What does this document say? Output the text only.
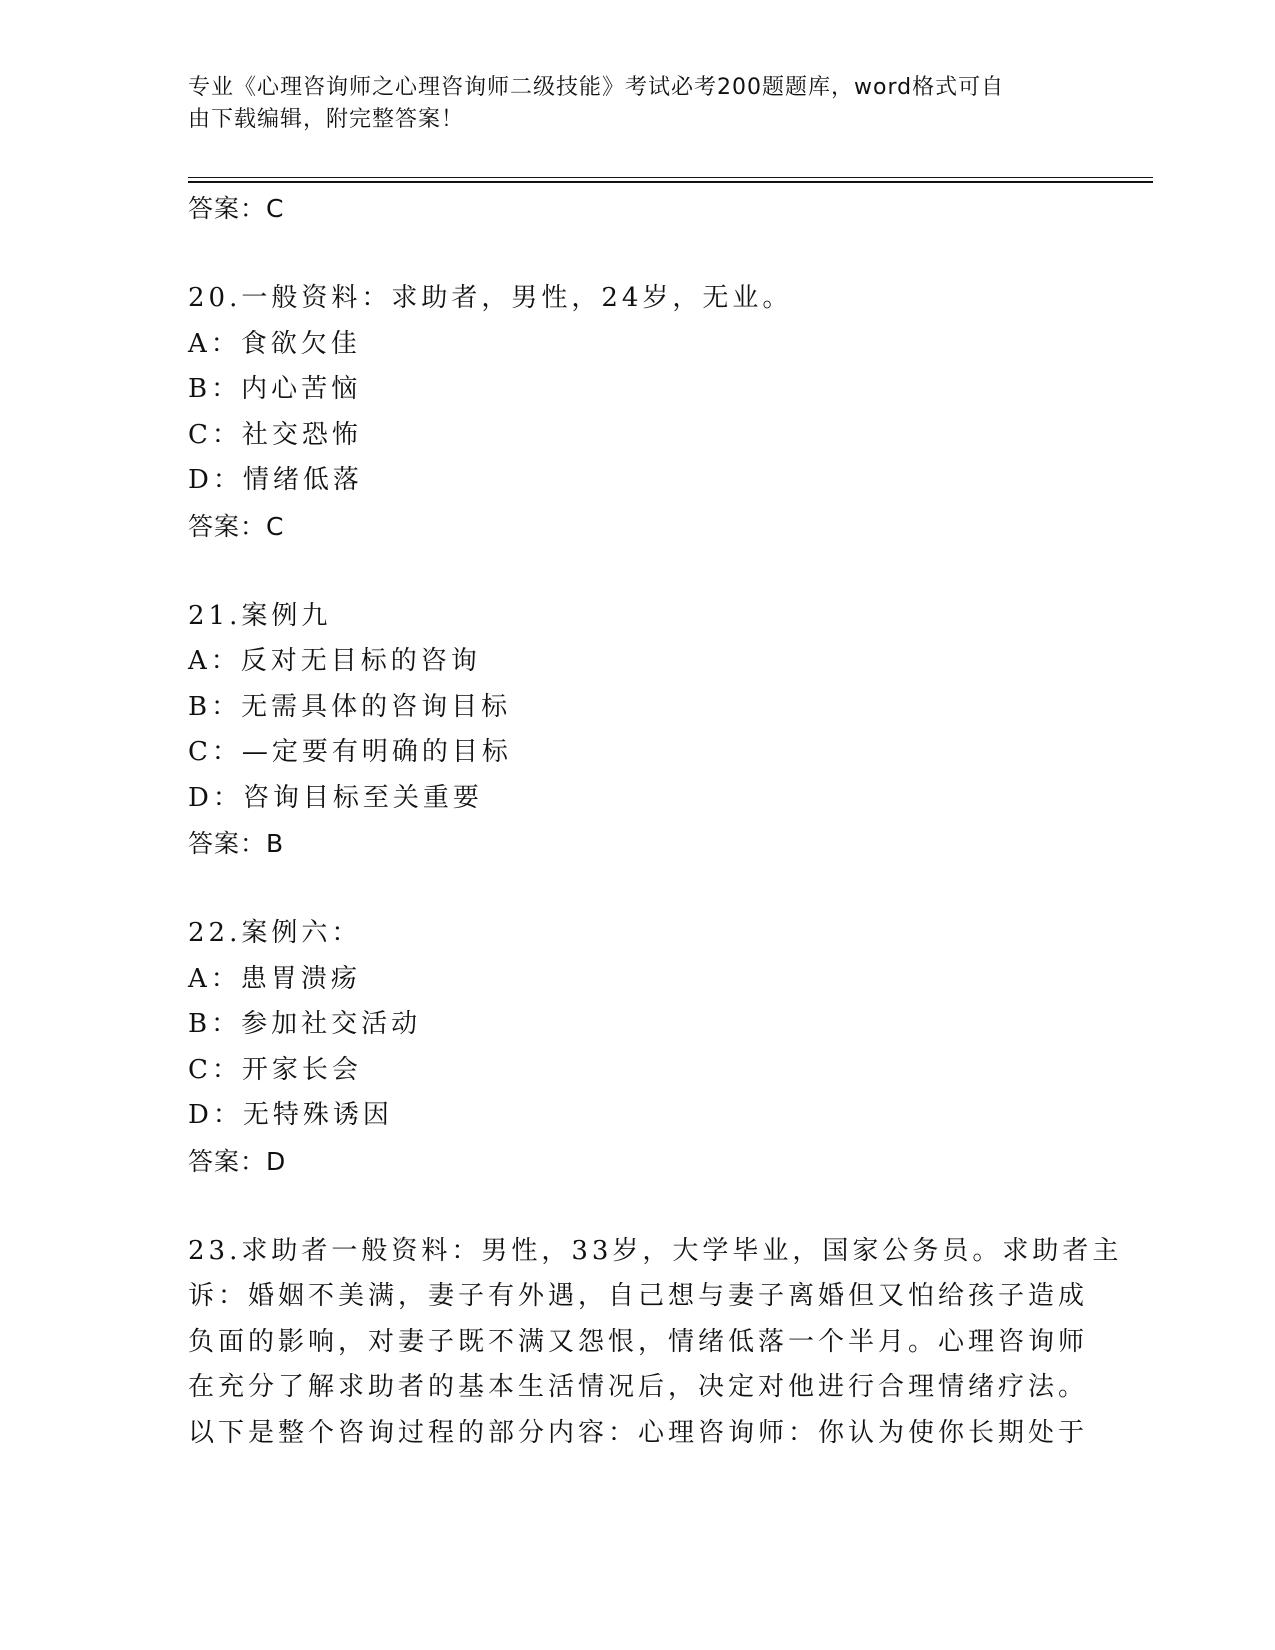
专业《心理咨询师之心理咨询师二级技能》考试必考200题题库，word格式可自
由下载编辑，附完整答案！
答案：C
20.一般资料：求助者，男性，24岁，无业。
A：食欲欠佳
B：内心苦恼
C：社交恐怖
D：情绪低落
答案：C
21.案例九
A：反对无目标的咨询
B：无需具体的咨询目标
C：—定要有明确的目标
D：咨询目标至关重要
答案：B
22.案例六：
A：患胃溃疡
B：参加社交活动
C：开家长会
D：无特殊诱因
答案：D
23.求助者一般资料：男性，33岁，大学毕业，国家公务员。求助者主
诉：婚姻不美满，妻子有外遇，自己想与妻子离婚但又怕给孩子造成
负面的影响，对妻子既不满又怨恨，情绪低落一个半月。心理咨询师
在充分了解求助者的基本生活情况后，决定对他进行合理情绪疗法。
以下是整个咨询过程的部分内容：心理咨询师：你认为使你长期处于
